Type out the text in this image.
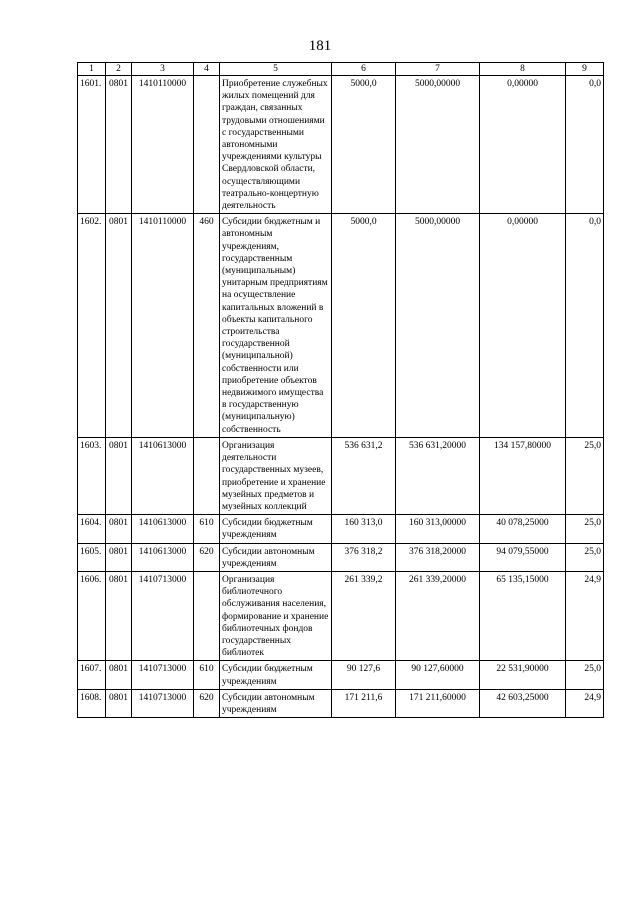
181
1	2	3	4	5	6	7	8	9
1601.	0801	1410110000		Приобретение служебных жилых помещений для граждан, связанных трудовыми отношениями с государственными автономными учреждениями культуры Свердловской области, осуществляющими театрально-концертную деятельность	5000,0	5000,00000	0,00000	0,0
1602.	0801	1410110000	460	Субсидии бюджетным и автономным учреждениям, государственным (муниципальным) унитарным предприятиям на осуществление капитальных вложений в объекты капитального строительства государственной (муниципальной) собственности или приобретение объектов недвижимого имущества в государственную (муниципальную) собственность	5000,0	5000,00000	0,00000	0,0
1603.	0801	1410613000		Организация деятельности государственных музеев, приобретение и хранение музейных предметов и музейных коллекций	536 631,2	536 631,20000	134 157,80000	25,0
1604.	0801	1410613000	610	Субсидии бюджетным учреждениям	160 313,0	160 313,00000	40 078,25000	25,0
1605.	0801	1410613000	620	Субсидии автономным учреждениям	376 318,2	376 318,20000	94 079,55000	25,0
1606.	0801	1410713000		Организация библиотечного обслуживания населения, формирование и хранение библиотечных фондов государственных библиотек	261 339,2	261 339,20000	65 135,15000	24,9
1607.	0801	1410713000	610	Субсидии бюджетным учреждениям	90 127,6	90 127,60000	22 531,90000	25,0
1608.	0801	1410713000	620	Субсидии автономным учреждениям	171 211,6	171 211,60000	42 603,25000	24,9
